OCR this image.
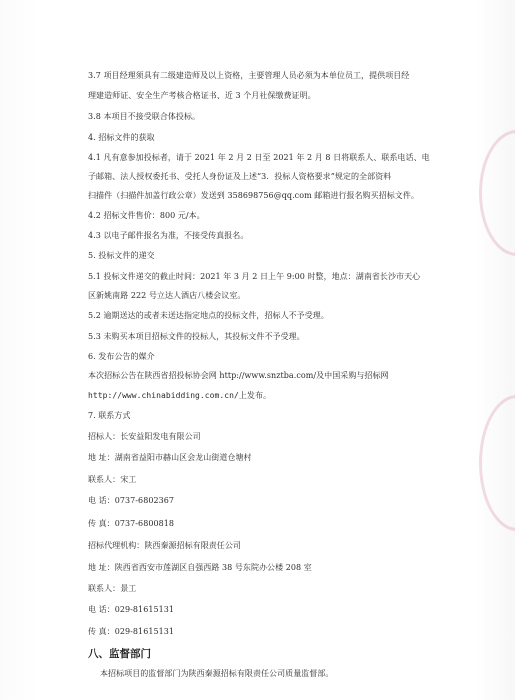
3.7 项目经理须具有二级建造师及以上资格，主要管理人员必须为本单位员工，提供项目经
理建造师证、安全生产考核合格证书、近 3 个月社保缴费证明。
3.8 本项目不接受联合体投标。
4. 招标文件的获取
4.1 凡有意参加投标者，请于 2021 年 2 月 2 日至 2021 年 2 月 8 日将联系人、联系电话、电
子邮箱、法人授权委托书、受托人身份证及上述“3．投标人资格要求”规定的全部资料
扫描件（扫描件加盖行政公章）发送到 358698756@qq.com 邮箱进行报名购买招标文件。
4.2 招标文件售价：800 元/本。
4.3 以电子邮件报名为准，不接受传真报名。
5. 投标文件的递交
5.1 投标文件递交的截止时间：2021 年 3 月 2 日上午 9:00 时整，地点：湖南省长沙市天心
区新姚南路 222 号立达人酒店八楼会议室。
5.2 逾期送达的或者未送达指定地点的投标文件，招标人不予受理。
5.3 未购买本项目招标文件的投标人，其投标文件不予受理。
6. 发布公告的媒介
本次招标公告在陕西省招投标协会网 http://www.snztba.com/及中国采购与招标网
http://www.chinabidding.com.cn/上发布。
7. 联系方式
招标人：长安益阳发电有限公司
地 址：湖南省益阳市赫山区会龙山街道仓塘村
联系人：宋工
电 话：0737-6802367
传 真：0737-6800818
招标代理机构：陕西秦源招标有限责任公司
地 址：陕西省西安市莲湖区自强西路 38 号东院办公楼 208 室
联系人：景工
电 话：029-81615131
传 真：029-81615131
八、监督部门
本招标项目的监督部门为陕西秦源招标有限责任公司质量监督部。
